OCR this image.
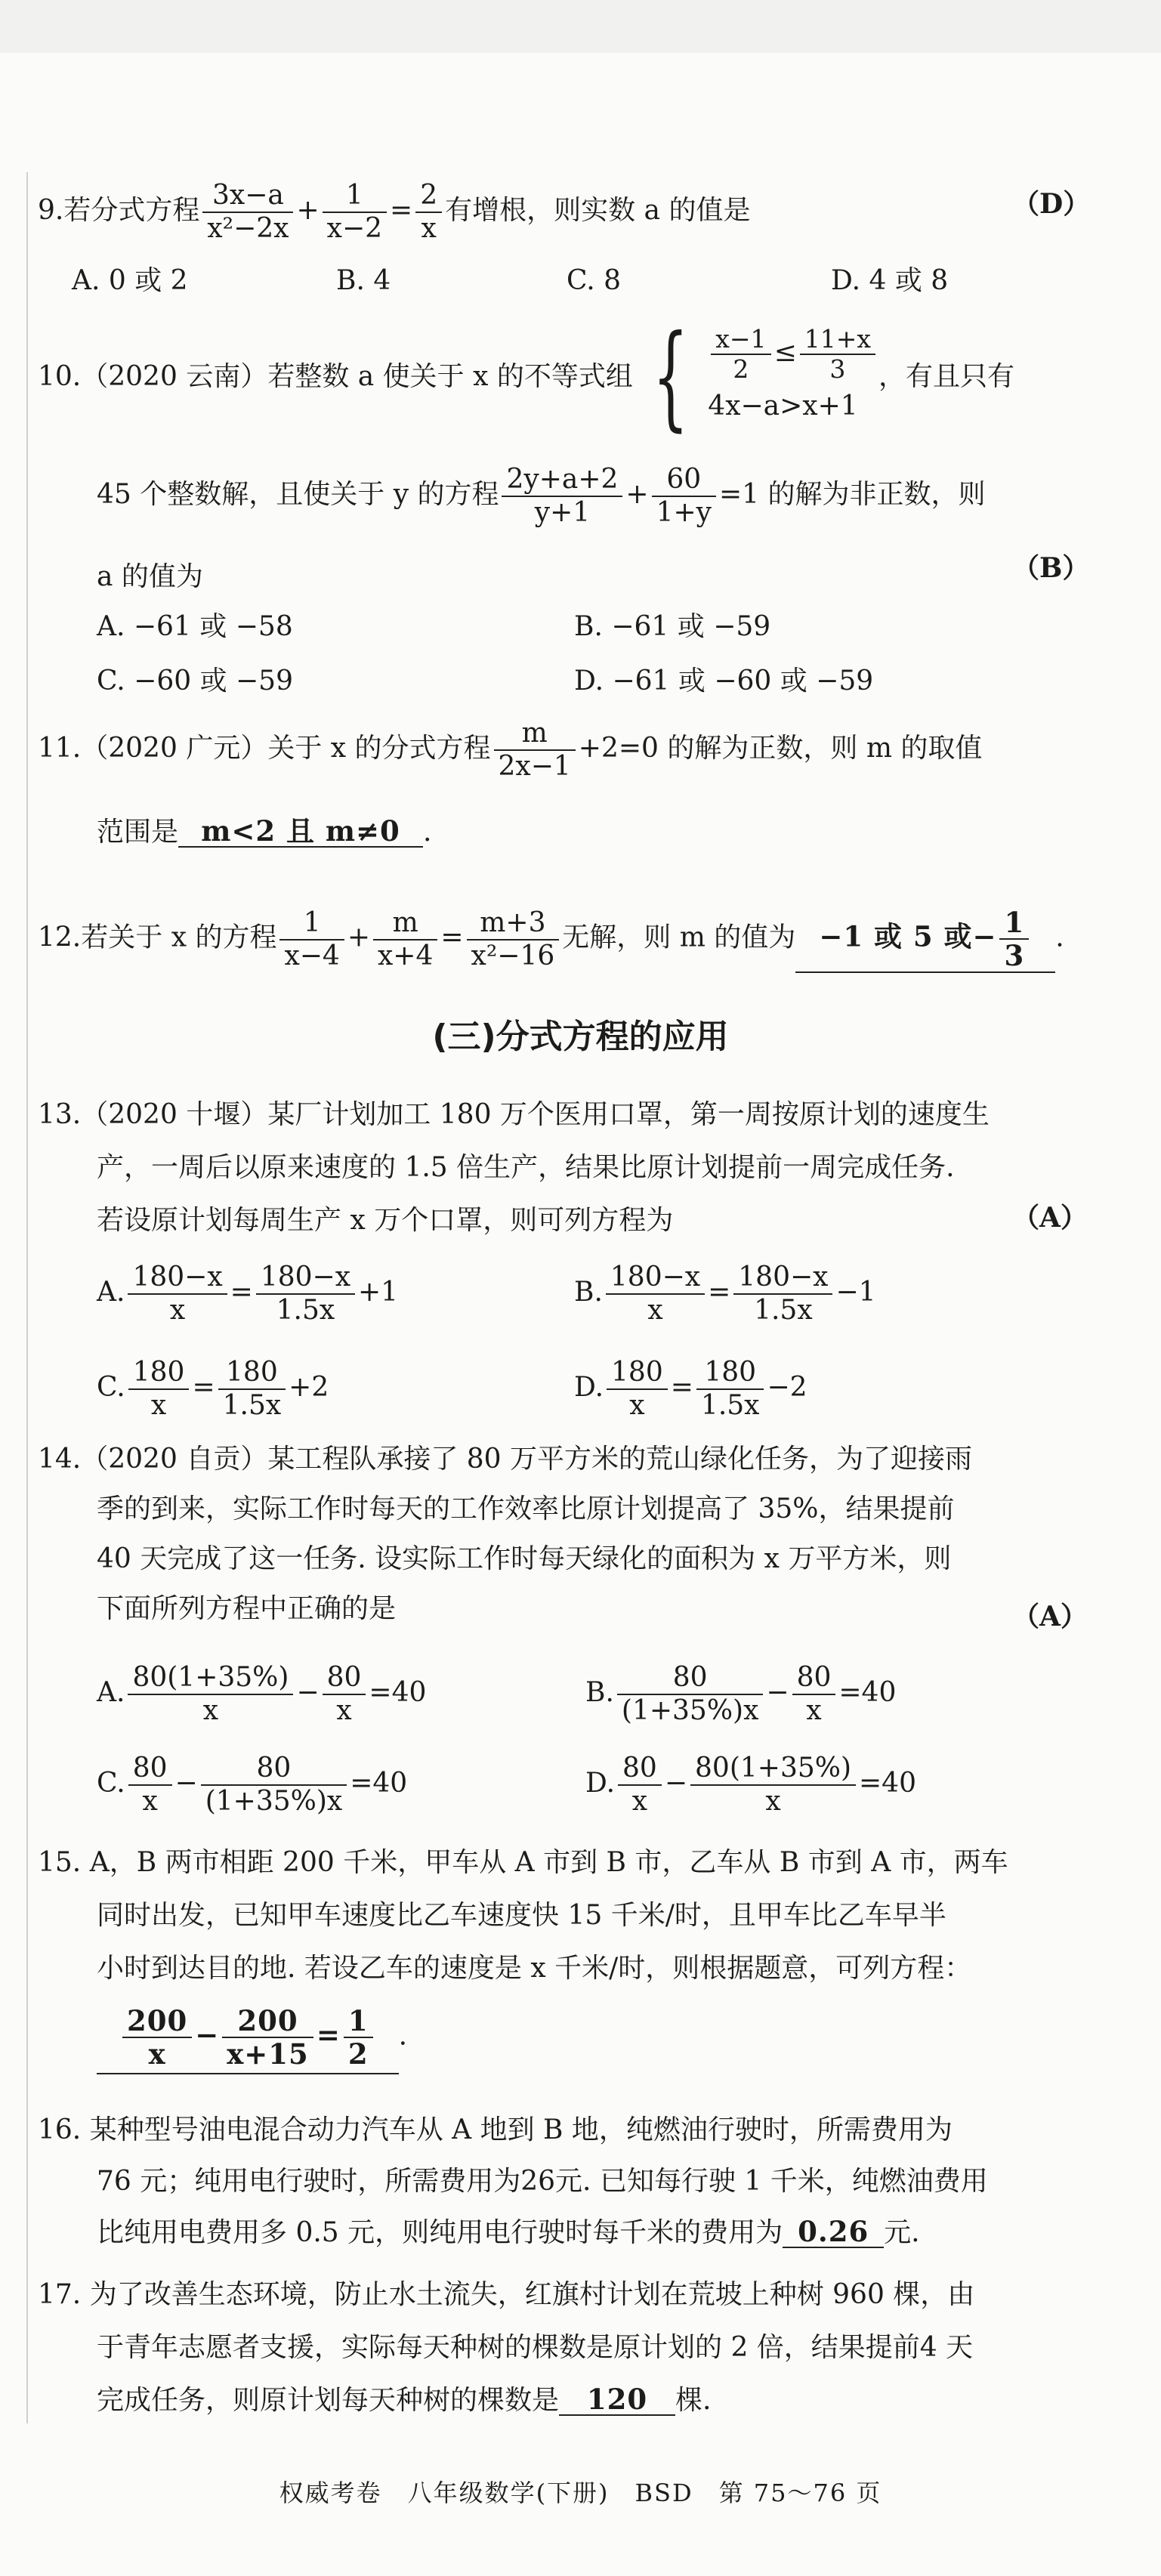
9.若分式方程 $\frac{3x-a}{\text{x²−2x}} + \frac{1}{x-2} = \frac{2}{x}$ 有增根，则实数 a 的值是	（D）
A. 0 或 2	B. 4	C. 8	D. 4 或 8
10.（2020 云南）若整数 a 使关于 x 的不等式组 { $\frac{x-1}{2} \le \frac{11+x}{3}$
4x−a>x+1
，有且只有
45 个整数解，且使关于 y 的方程 $\frac{2y+a+2}{y+1} + \frac{60}{1+y} =1$ 的解为非正数，则
a 的值为	（B）
A. −61 或 −58	B. −61 或 −59
C. −60 或 −59	D. −61 或 −60 或 −59
11.（2020 广元）关于 x 的分式方程 $\frac{m}{2x-1} +2=0$ 的解为正数，则 m 的取值
范围是 m<2 且 m≠0 .
12.若关于 x 的方程 $\frac{1}{x-4} + \frac{m}{x+4} = \frac{m+3}{\text{x²−16}}$ 无解，则 m 的值为 −1 或 5 或− $\frac{1}{3}$ .
(三)分式方程的应用
13.（2020 十堰）某厂计划加工 180 万个医用口罩，第一周按原计划的速度生
产，一周后以原来速度的 1.5 倍生产，结果比原计划提前一周完成任务.
若设原计划每周生产 x 万个口罩，则可列方程为	（A）
A. $\frac{180-x}{x} = \frac{180-x}{1.5x} +1$	B. $\frac{180-x}{x} = \frac{180-x}{1.5x} -1$
C. $\frac{180}{x} = \frac{180}{1.5x} +2$	D. $\frac{180}{x} = \frac{180}{1.5x} -2$
14.（2020 自贡）某工程队承接了 80 万平方米的荒山绿化任务，为了迎接雨
季的到来，实际工作时每天的工作效率比原计划提高了 35%，结果提前
40 天完成了这一任务. 设实际工作时每天绿化的面积为 x 万平方米，则
下面所列方程中正确的是	（A）
A. $\frac{80(1+35\%)}{x} - \frac{80}{x} =40$	B. $\frac{80}{(1+35\%)x} - \frac{80}{x} =40$
C. $\frac{80}{x} - \frac{80}{(1+35\%)x} =40$	D. $\frac{80}{x} - \frac{80(1+35\%)}{x} =40$
15. A，B 两市相距 200 千米，甲车从 A 市到 B 市，乙车从 B 市到 A 市，两车
同时出发，已知甲车速度比乙车速度快 15 千米/时，且甲车比乙车早半
小时到达目的地. 若设乙车的速度是 x 千米/时，则根据题意，可列方程：
$\frac{200}{x} - \frac{200}{x+15} = \frac{1}{2}$ .
16. 某种型号油电混合动力汽车从 A 地到 B 地，纯燃油行驶时，所需费用为
76 元；纯用电行驶时，所需费用为26元. 已知每行驶 1 千米，纯燃油费用
比纯用电费用多 0.5 元，则纯用电行驶时每千米的费用为 0.26 元.
17. 为了改善生态环境，防止水土流失，红旗村计划在荒坡上种树 960 棵，由
于青年志愿者支援，实际每天种树的棵数是原计划的 2 倍，结果提前4 天
完成任务，则原计划每天种树的棵数是 120 棵.
权威考卷　八年级数学(下册)　BSD　第 75～76 页
